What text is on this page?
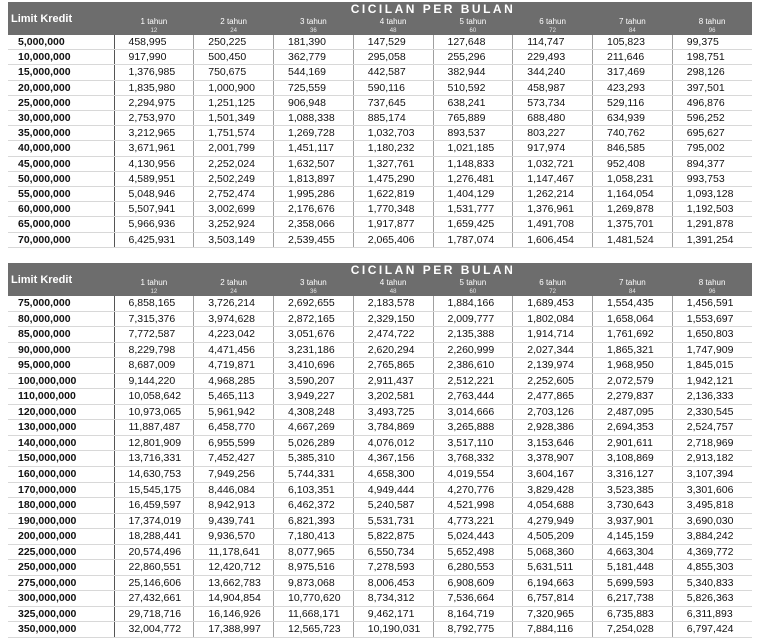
Limit Kredit	CICILAN PER BULAN							
	1 tahun	2 tahun	3 tahun	4 tahun	5 tahun	6 tahun	7 tahun	8 tahun
	12	24	36	48	60	72	84	96
5,000,000	458,995	250,225	181,390	147,529	127,648	114,747	105,823	99,375
10,000,000	917,990	500,450	362,779	295,058	255,296	229,493	211,646	198,751
15,000,000	1,376,985	750,675	544,169	442,587	382,944	344,240	317,469	298,126
20,000,000	1,835,980	1,000,900	725,559	590,116	510,592	458,987	423,293	397,501
25,000,000	2,294,975	1,251,125	906,948	737,645	638,241	573,734	529,116	496,876
30,000,000	2,753,970	1,501,349	1,088,338	885,174	765,889	688,480	634,939	596,252
35,000,000	3,212,965	1,751,574	1,269,728	1,032,703	893,537	803,227	740,762	695,627
40,000,000	3,671,961	2,001,799	1,451,117	1,180,232	1,021,185	917,974	846,585	795,002
45,000,000	4,130,956	2,252,024	1,632,507	1,327,761	1,148,833	1,032,721	952,408	894,377
50,000,000	4,589,951	2,502,249	1,813,897	1,475,290	1,276,481	1,147,467	1,058,231	993,753
55,000,000	5,048,946	2,752,474	1,995,286	1,622,819	1,404,129	1,262,214	1,164,054	1,093,128
60,000,000	5,507,941	3,002,699	2,176,676	1,770,348	1,531,777	1,376,961	1,269,878	1,192,503
65,000,000	5,966,936	3,252,924	2,358,066	1,917,877	1,659,425	1,491,708	1,375,701	1,291,878
70,000,000	6,425,931	3,503,149	2,539,455	2,065,406	1,787,074	1,606,454	1,481,524	1,391,254
Limit Kredit	CICILAN PER BULAN							
	1 tahun	2 tahun	3 tahun	4 tahun	5 tahun	6 tahun	7 tahun	8 tahun
	12	24	36	48	60	72	84	96
75,000,000	6,858,165	3,726,214	2,692,655	2,183,578	1,884,166	1,689,453	1,554,435	1,456,591
80,000,000	7,315,376	3,974,628	2,872,165	2,329,150	2,009,777	1,802,084	1,658,064	1,553,697
85,000,000	7,772,587	4,223,042	3,051,676	2,474,722	2,135,388	1,914,714	1,761,692	1,650,803
90,000,000	8,229,798	4,471,456	3,231,186	2,620,294	2,260,999	2,027,344	1,865,321	1,747,909
95,000,000	8,687,009	4,719,871	3,410,696	2,765,865	2,386,610	2,139,974	1,968,950	1,845,015
100,000,000	9,144,220	4,968,285	3,590,207	2,911,437	2,512,221	2,252,605	2,072,579	1,942,121
110,000,000	10,058,642	5,465,113	3,949,227	3,202,581	2,763,444	2,477,865	2,279,837	2,136,333
120,000,000	10,973,065	5,961,942	4,308,248	3,493,725	3,014,666	2,703,126	2,487,095	2,330,545
130,000,000	11,887,487	6,458,770	4,667,269	3,784,869	3,265,888	2,928,386	2,694,353	2,524,757
140,000,000	12,801,909	6,955,599	5,026,289	4,076,012	3,517,110	3,153,646	2,901,611	2,718,969
150,000,000	13,716,331	7,452,427	5,385,310	4,367,156	3,768,332	3,378,907	3,108,869	2,913,182
160,000,000	14,630,753	7,949,256	5,744,331	4,658,300	4,019,554	3,604,167	3,316,127	3,107,394
170,000,000	15,545,175	8,446,084	6,103,351	4,949,444	4,270,776	3,829,428	3,523,385	3,301,606
180,000,000	16,459,597	8,942,913	6,462,372	5,240,587	4,521,998	4,054,688	3,730,643	3,495,818
190,000,000	17,374,019	9,439,741	6,821,393	5,531,731	4,773,221	4,279,949	3,937,901	3,690,030
200,000,000	18,288,441	9,936,570	7,180,413	5,822,875	5,024,443	4,505,209	4,145,159	3,884,242
225,000,000	20,574,496	11,178,641	8,077,965	6,550,734	5,652,498	5,068,360	4,663,304	4,369,772
250,000,000	22,860,551	12,420,712	8,975,516	7,278,593	6,280,553	5,631,511	5,181,448	4,855,303
275,000,000	25,146,606	13,662,783	9,873,068	8,006,453	6,908,609	6,194,663	5,699,593	5,340,833
300,000,000	27,432,661	14,904,854	10,770,620	8,734,312	7,536,664	6,757,814	6,217,738	5,826,363
325,000,000	29,718,716	16,146,926	11,668,171	9,462,171	8,164,719	7,320,965	6,735,883	6,311,893
350,000,000	32,004,772	17,388,997	12,565,723	10,190,031	8,792,775	7,884,116	7,254,028	6,797,424
